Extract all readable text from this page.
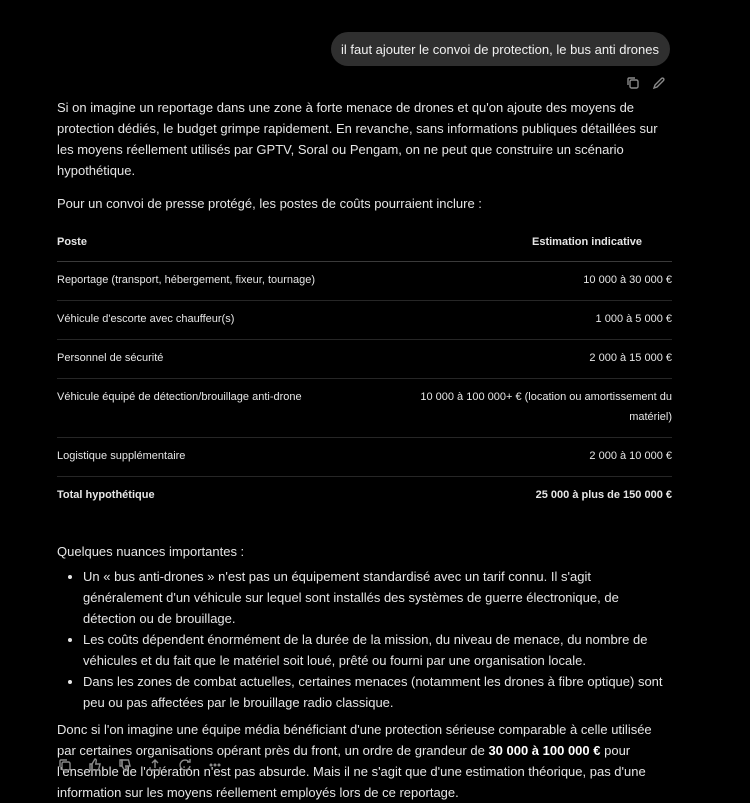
il faut ajouter le convoi de protection, le bus anti drones

Si on imagine un reportage dans une zone à forte menace de drones et qu'on ajoute des moyens de protection dédiés, le budget grimpe rapidement. En revanche, sans informations publiques détaillées sur les moyens réellement utilisés par GPTV, Soral ou Pengam, on ne peut que construire un scénario hypothétique.

Pour un convoi de presse protégé, les postes de coûts pourraient inclure :

Poste	Estimation indicative
Reportage (transport, hébergement, fixeur, tournage)	10 000 à 30 000 €
Véhicule d'escorte avec chauffeur(s)	1 000 à 5 000 €
Personnel de sécurité	2 000 à 15 000 €
Véhicule équipé de détection/brouillage anti-drone	10 000 à 100 000+ € (location ou amortissement du matériel)
Logistique supplémentaire	2 000 à 10 000 €
Total hypothétique	25 000 à plus de 150 000 €

Quelques nuances importantes :

• Un « bus anti-drones » n'est pas un équipement standardisé avec un tarif connu. Il s'agit généralement d'un véhicule sur lequel sont installés des systèmes de guerre électronique, de détection ou de brouillage.
• Les coûts dépendent énormément de la durée de la mission, du niveau de menace, du nombre de véhicules et du fait que le matériel soit loué, prêté ou fourni par une organisation locale.
• Dans les zones de combat actuelles, certaines menaces (notamment les drones à fibre optique) sont peu ou pas affectées par le brouillage radio classique.

Donc si l'on imagine une équipe média bénéficiant d'une protection sérieuse comparable à celle utilisée par certaines organisations opérant près du front, un ordre de grandeur de 30 000 à 100 000 € pour l'ensemble de l'opération n'est pas absurde. Mais il ne s'agit que d'une estimation théorique, pas d'une information sur les moyens réellement employés lors de ce reportage.
